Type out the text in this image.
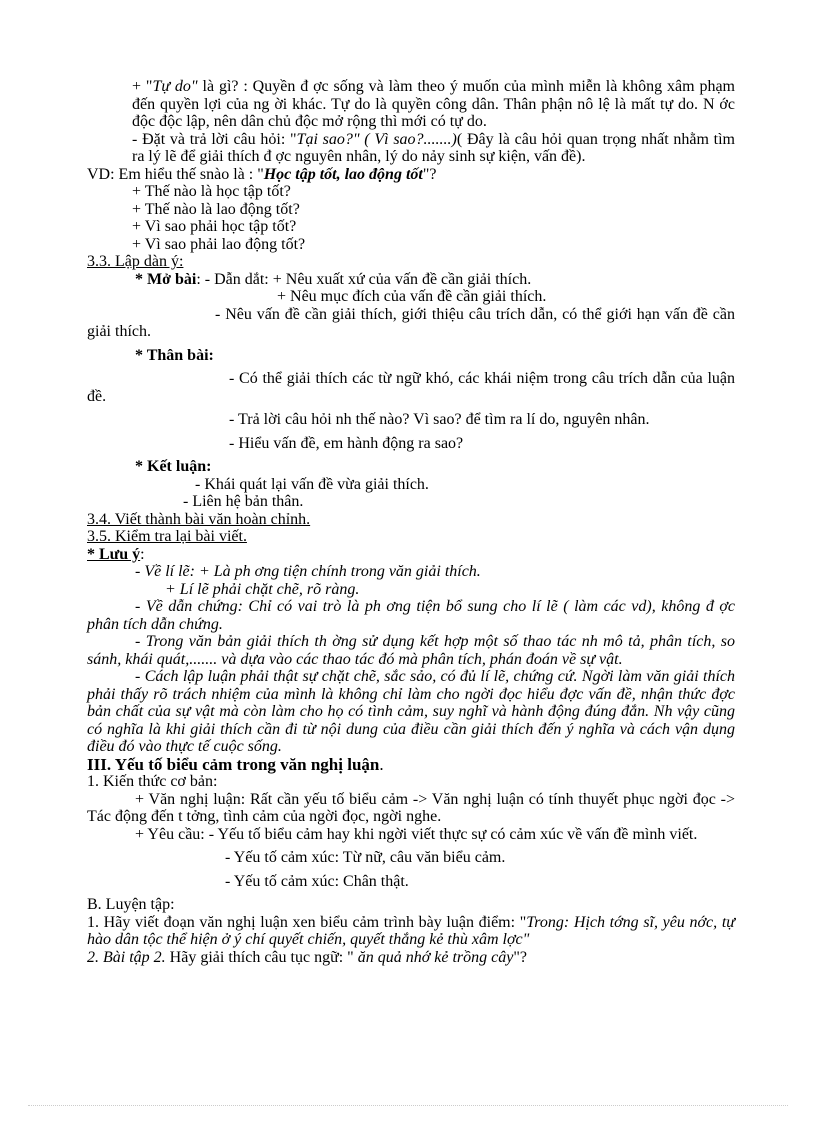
+ "Tự do" là gì? : Quyền đ ợc sống và làm theo ý muốn của mình miễn là không xâm phạm đến quyền lợi của ng ời khác. Tự do là quyền công dân. Thân phận nô lệ là mất tự do. N ớc độc độc lập, nên dân chủ độc mở rộng thì mới có tự do.

- Đặt và trả lời câu hỏi: "Tại sao?" ( Vì sao?.......)( Đây là câu hỏi quan trọng nhất nhằm tìm ra lý lẽ để giải thích đ ợc nguyên nhân, lý do nảy sinh sự kiện, vấn đề).

VD: Em hiểu thế snào là : "Học tập tốt, lao động tốt"?

+ Thế nào là học tập tốt?

+ Thế nào là lao động tốt?

+ Vì sao phải học tập tốt?

+ Vì sao phải lao động tốt?

3.3. Lập dàn ý:

* Mở bài: - Dẫn dắt: + Nêu xuất xứ của vấn đề cần giải thích.

+ Nêu mục đích của vấn đề cần giải thích.

- Nêu vấn đề cần giải thích, giới thiệu câu trích dẫn, có thể giới hạn vấn đề cần giải thích.

* Thân bài:

- Có thể giải thích các từ ngữ khó, các khái niệm trong câu trích dẫn của luận đề.

- Trả lời câu hỏi nh thế nào? Vì sao? để tìm ra lí do, nguyên nhân.

- Hiểu vấn đề, em hành động ra sao?

* Kết luận:

- Khái quát lại vấn đề vừa giải thích.

- Liên hệ bản thân.

3.4. Viết thành bài văn hoàn chỉnh.

3.5. Kiểm tra lại bài viết.

* Lưu ý:

- Về lí lẽ: + Là ph ơng tiện chính trong văn giải thích.

+ Lí lẽ phải chặt chẽ, rõ ràng.

- Về dẫn chứng: Chỉ có vai trò là ph ơng tiện bổ sung cho lí lẽ ( làm các vd), không đ ợc phân tích dẫn chứng.

- Trong văn bản giải thích th ờng sử dụng kết hợp một số thao tác nh mô tả, phân tích, so sánh, khái quát,....... và dựa vào các thao tác đó mà phân tích, phán đoán về sự vật.

- Cách lập luận phải thật sự chặt chẽ, sắc sảo, có đủ lí lẽ, chứng cứ. Ngời làm văn giải thích phải thấy rõ trách nhiệm của mình là không chỉ làm cho ngời đọc hiểu đợc vấn đề, nhận thức đợc bản chất của sự vật mà còn làm cho họ có tình cảm, suy nghĩ và hành động đúng đắn. Nh vậy cũng có nghĩa là khi giải thích cần đi từ nội dung của điều cần giải thích đến ý nghĩa và cách vận dụng điều đó vào thực tế cuộc sống.

III. Yếu tố biểu cảm trong văn nghị luận.

1. Kiến thức cơ bản:

+ Văn nghị luận: Rất cần yếu tố biểu cảm -> Văn nghị luận có tính thuyết phục ngời đọc -> Tác động đến t tởng, tình cảm của ngời đọc, ngời nghe.

+ Yêu cầu: - Yếu tố biểu cảm hay khi ngời viết thực sự có cảm xúc về vấn đề mình viết.

- Yếu tố cảm xúc: Từ nữ, câu văn biểu cảm.

- Yếu tố cảm xúc: Chân thật.

B. Luyện tập:

1. Hãy viết đoạn văn nghị luận xen biểu cảm trình bày luận điểm: "Trong: Hịch tớng sĩ, yêu nớc, tự hào dân tộc thể hiện ở ý chí quyết chiến, quyết thắng kẻ thù xâm lợc"

2. Bài tập 2. Hãy giải thích câu tục ngữ: " ăn quả nhớ kẻ trồng cây"?
